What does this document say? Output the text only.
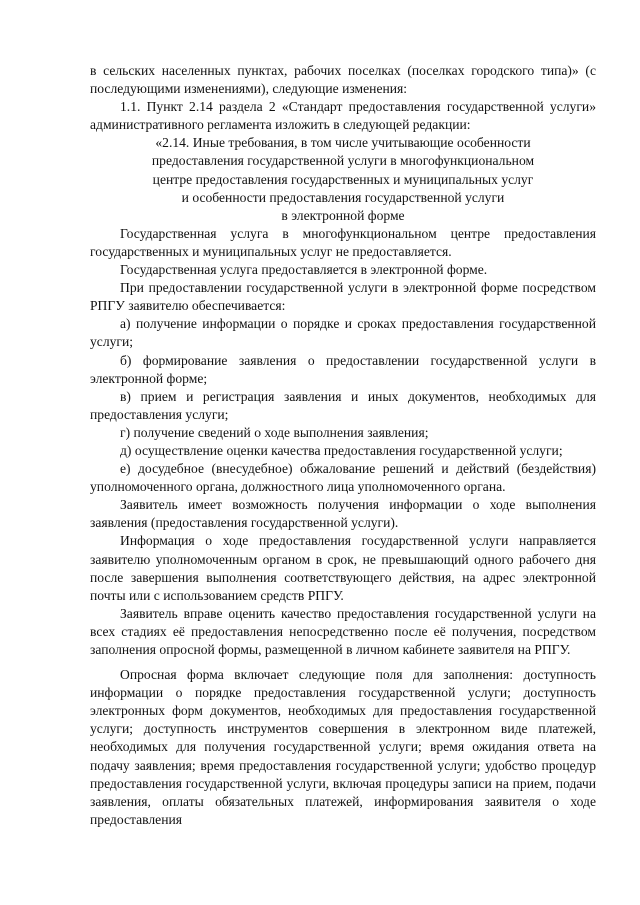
в сельских населенных пунктах, рабочих поселках (поселках городского типа)» (с последующими изменениями), следующие изменения:

1.1. Пункт 2.14 раздела 2 «Стандарт предоставления государственной услуги» административного регламента изложить в следующей редакции:

«2.14. Иные требования, в том числе учитывающие особенности

предоставления государственной услуги в многофункциональном

центре предоставления государственных и муниципальных услуг

и особенности предоставления государственной услуги

в электронной форме

Государственная услуга в многофункциональном центре предоставления государственных и муниципальных услуг не предоставляется.

Государственная услуга предоставляется в электронной форме.

При предоставлении государственной услуги в электронной форме посредством РПГУ заявителю обеспечивается:

а) получение информации о порядке и сроках предоставления государственной услуги;

б) формирование заявления о предоставлении государственной услуги в электронной форме;

в) прием и регистрация заявления и иных документов, необходимых для предоставления услуги;

г) получение сведений о ходе выполнения заявления;

д) осуществление оценки качества предоставления государственной услуги;

е) досудебное (внесудебное) обжалование решений и действий (бездействия) уполномоченного органа, должностного лица уполномоченного органа.

Заявитель имеет возможность получения информации о ходе выполнения заявления (предоставления государственной услуги).

Информация о ходе предоставления государственной услуги направляется заявителю уполномоченным органом в срок, не превышающий одного рабочего дня после завершения выполнения соответствующего действия, на адрес электронной почты или с использованием средств РПГУ.

Заявитель вправе оценить качество предоставления государственной услуги на всех стадиях её предоставления непосредственно после её получения, посредством заполнения опросной формы, размещенной в личном кабинете заявителя на РПГУ.

Опросная форма включает следующие поля для заполнения: доступность информации о порядке предоставления государственной услуги; доступность электронных форм документов, необходимых для предоставления государственной услуги; доступность инструментов совершения в электронном виде платежей, необходимых для получения государственной услуги; время ожидания ответа на подачу заявления; время предоставления государственной услуги; удобство процедур предоставления государственной услуги, включая процедуры записи на прием, подачи заявления, оплаты обязательных платежей, информирования заявителя о ходе предоставления
